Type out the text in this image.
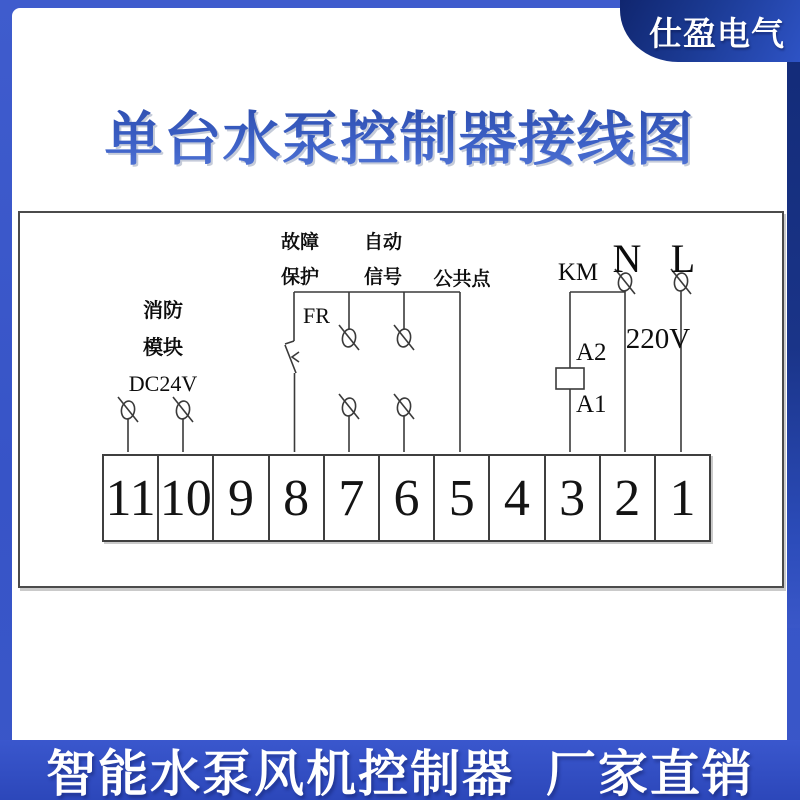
单台水泵控制器接线图
消防
模块
DC24V
故障
保护
FR
自动
信号 公共点	KM N L
220V
A2
A1
11 10 9 8 7 6 5 4 3 2 1
仕盈电气
智能水泵风机控制器  厂家直销
